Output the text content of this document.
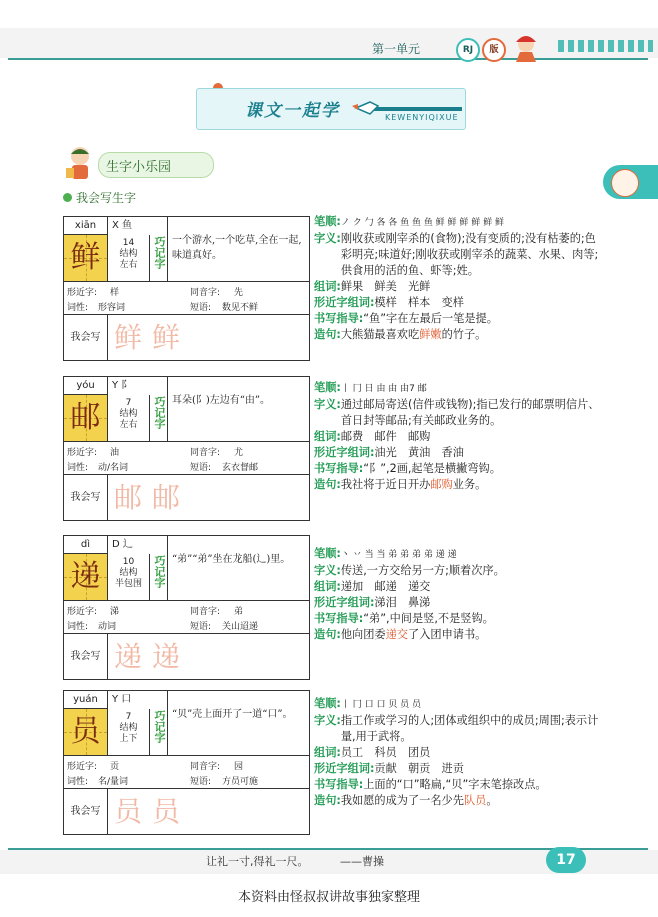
第一单元	RJ	版
课文一起学	KEWENYIQIXUE
生字小乐园
我会写生字
xiān
鲜
X 鱼
14
结构
左右	巧记字 一个游水,一个吃草,全在一起,味道真好。
形近字: 样	同音字: 先
词性: 形容词	短语: 数见不鲜
我会写 鲜鲜
笔顺:ノ ク 勹 各 各 鱼 鱼 鱼 鲜 鲜 鲜 鲜 鲜 鲜
字义: 刚收获或刚宰杀的(食物);没有变质的;没有枯萎的;色彩明亮;味道好;刚收获或刚宰杀的蔬菜、水果、肉等;供食用的活的鱼、虾等;姓。
组词:鲜果　鲜美　光鲜
形近字组词:模样　样本　变样
书写指导:“鱼”字在左最后一笔是提。
造句:大熊猫最喜欢吃鲜嫩的竹子。
yóu
邮
Y 阝
7
结构
左右	巧记字 耳朵(阝)左边有“由”。
形近字: 油	同音字: 尤
词性: 动/名词	短语: 玄衣督邮
我会写 邮邮
笔顺:丨 冂 日 由 由 由7 邮
字义: 通过邮局寄送(信件或钱物);指已发行的邮票明信片、首日封等邮品;有关邮政业务的。
组词:邮费　邮件　邮购
形近字组词:油光　黄油　香油
书写指导:“阝”,2画,起笔是横撇弯钩。
造句:我社将于近日开办邮购业务。
dì
递
D 辶
10
结构
半包围	巧记字 “弟”“弟”坐在龙船(辶)里。
形近字: 涕	同音字: 弟
词性: 动词	短语: 关山迢递
我会写 递递
笔顺:丶 丷 当 当 弟 弟 弟 弟 递 递
字义: 传送,一方交给另一方;顺着次序。
组词:递加　邮递　递交
形近字组词:涕泪　鼻涕
书写指导:“弟”,中间是竖,不是竖钩。
造句:他向团委递交了入团申请书。
yuán
员
Y 口
7
结构
上下	巧记字 “贝”壳上面开了一道“口”。
形近字: 贡	同音字: 园
词性: 名/量词	短语: 方员可施
我会写 员员
笔顺:丨 冂 口 口 贝 员 员
字义: 指工作或学习的人;团体或组织中的成员;周围;表示计量,用于武将。
组词:员工　科员　团员
形近字组词:贡献　朝贡　进贡
书写指导:上面的“口”略扁,“贝”字末笔捺改点。
造句:我如愿的成为了一名少先队员。
让礼一寸,得礼一尺。	——曹操	17
本资料由怪叔叔讲故事独家整理
